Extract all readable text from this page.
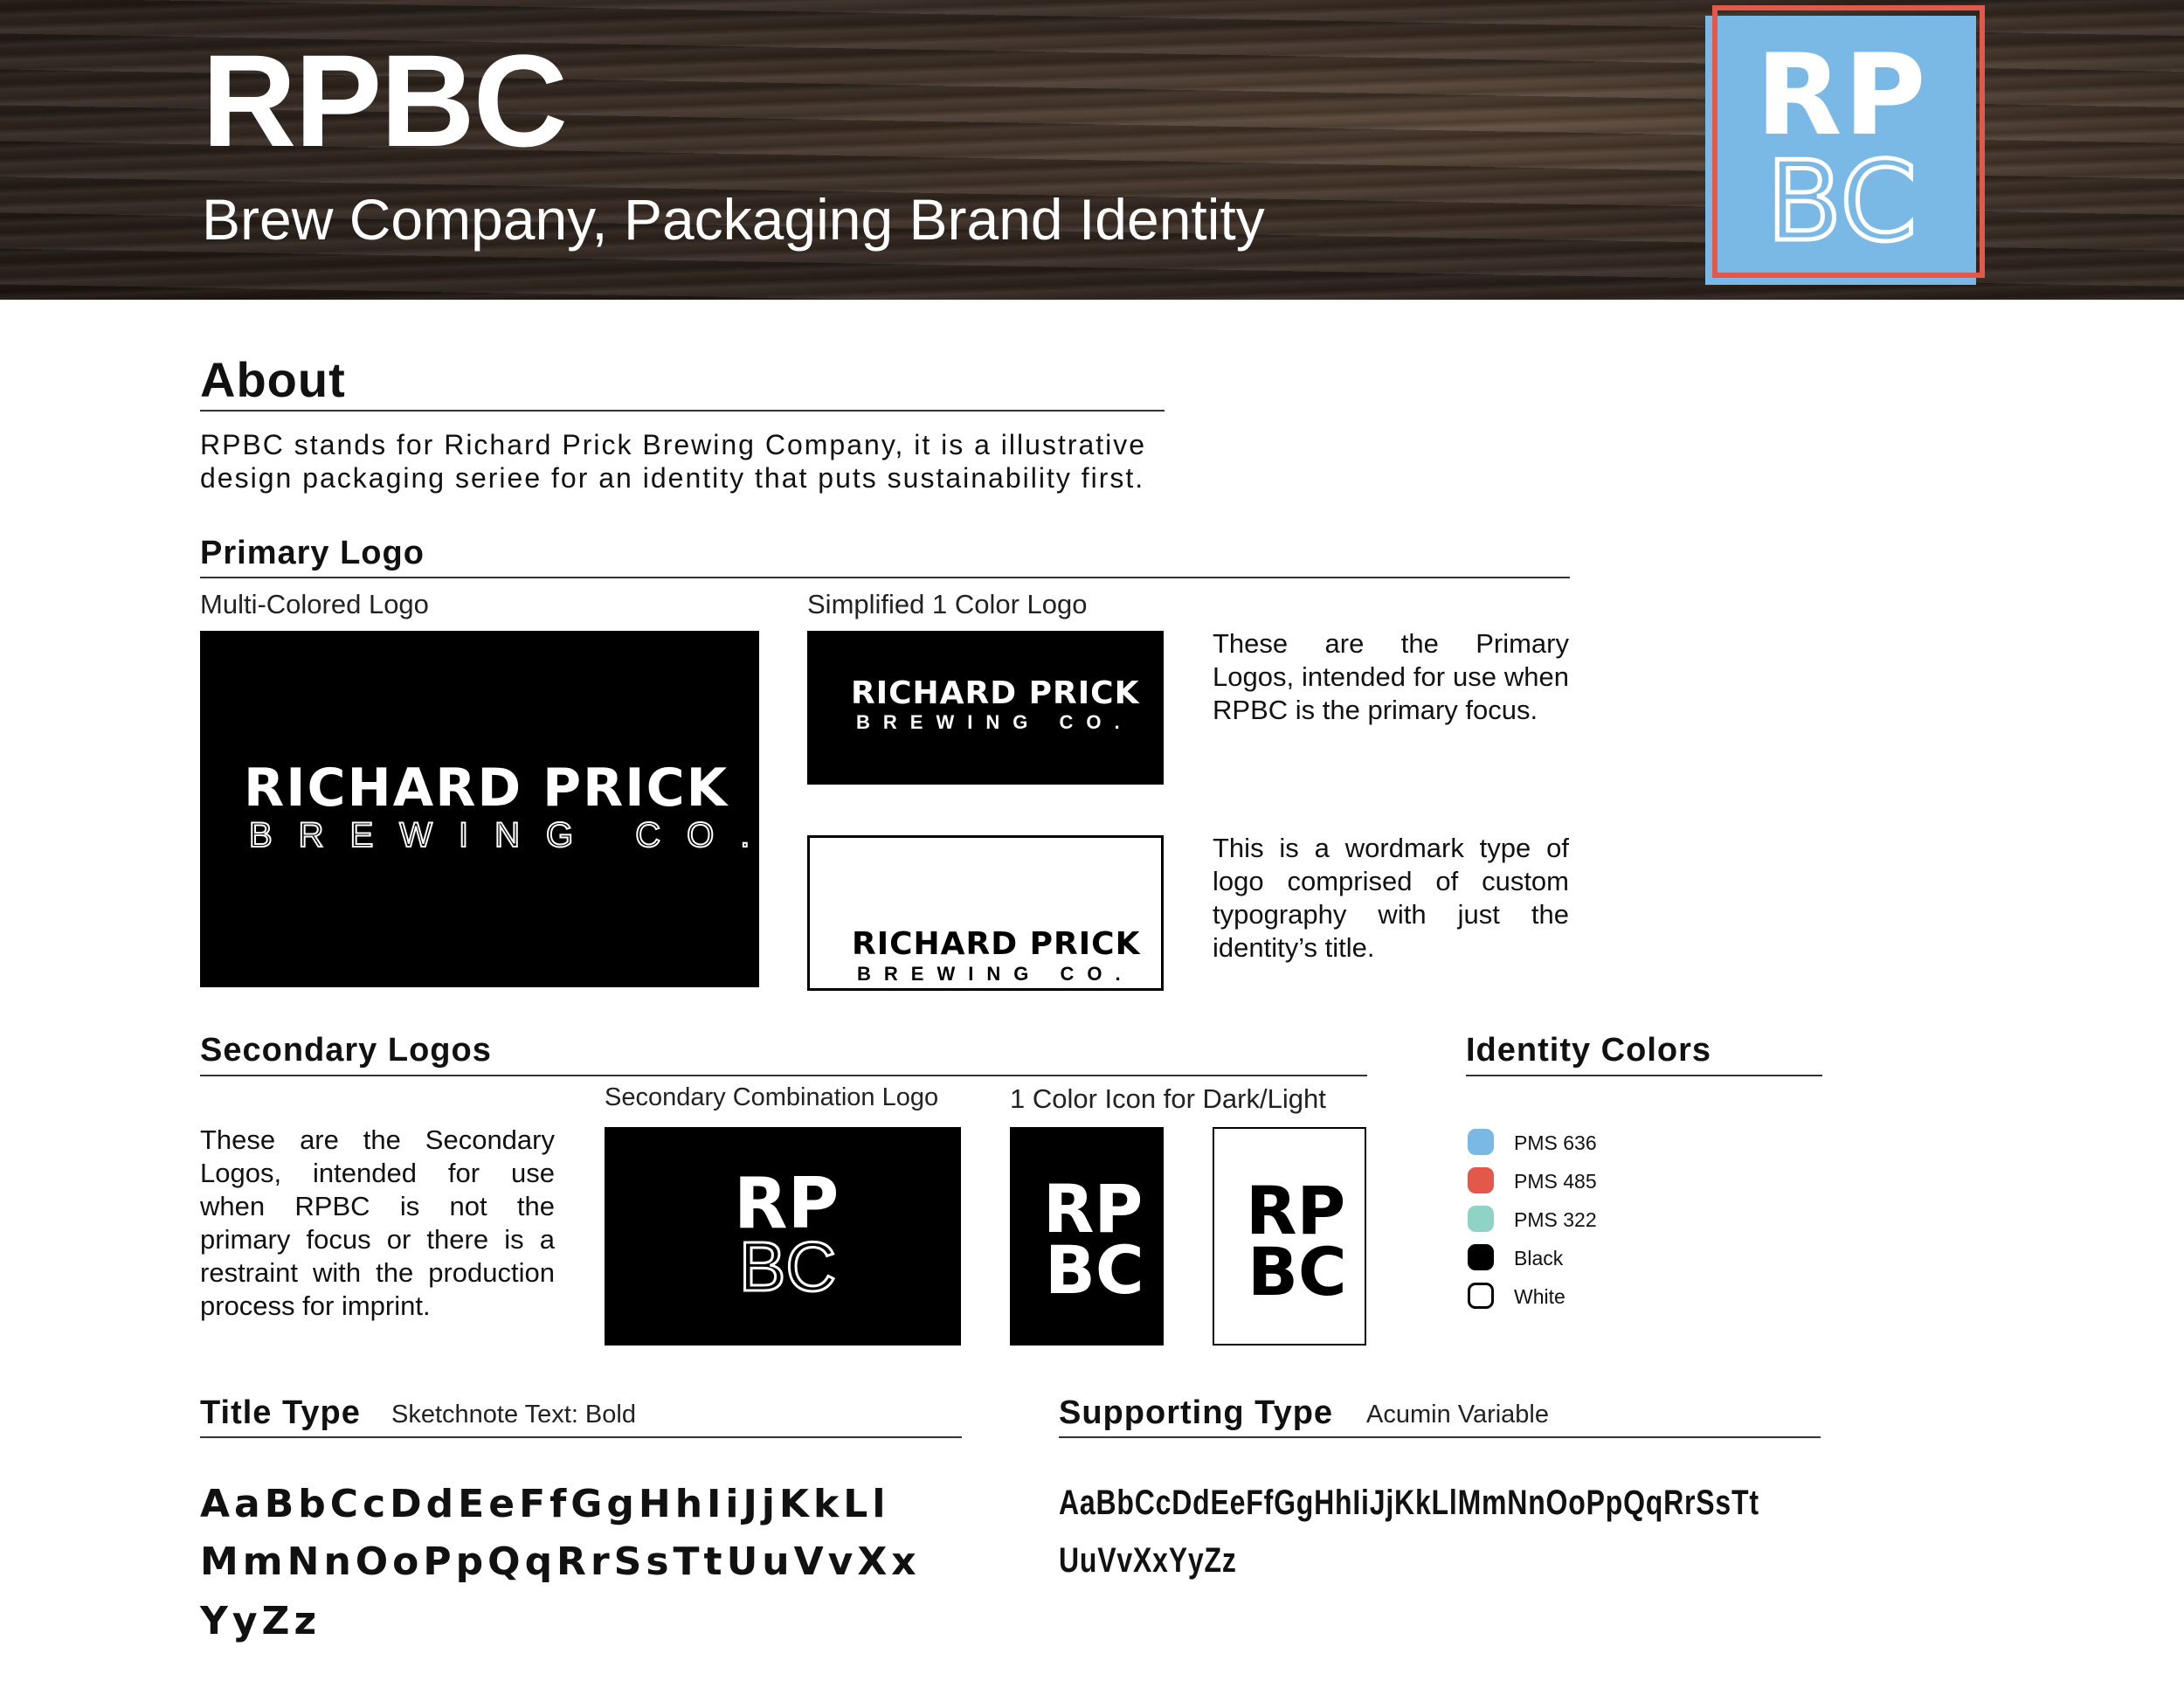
RPBC
Brew Company, Packaging Brand Identity
RP
BC
About
RPBC stands for Richard Prick Brewing Company, it is a illustrative
design packaging seriee for an identity that puts sustainability first.
Primary Logo
Multi-Colored Logo	Simplified 1 Color Logo
RICHARD PRICK
BREWING CO.
RICHARD PRICK
BREWING CO.
RICHARD PRICK
BREWING CO.
These are the Primary Logos, intended for use when RPBC is the primary focus.
This is a wordmark type of logo comprised of custom typography with just the identity’s title.
Secondary Logos
Secondary Combination Logo	1 Color Icon for Dark/Light
These are the Secondary Logos, intended for use when RPBC is not the primary focus or there is a restraint with the production process for imprint.
RP
BC
RP
BC
RP
BC
Identity Colors
PMS 636
PMS 485
PMS 322
Black
White
Title Type Sketchnote Text: Bold
AaBbCcDdEeFfGgHhIiJjKkLl
MmNnOoPpQqRrSsTtUuVvXx
YyZz
Supporting Type Acumin Variable
AaBbCcDdEeFfGgHhIiJjKkLlMmNnOoPpQqRrSsTt
UuVvXxYyZz
